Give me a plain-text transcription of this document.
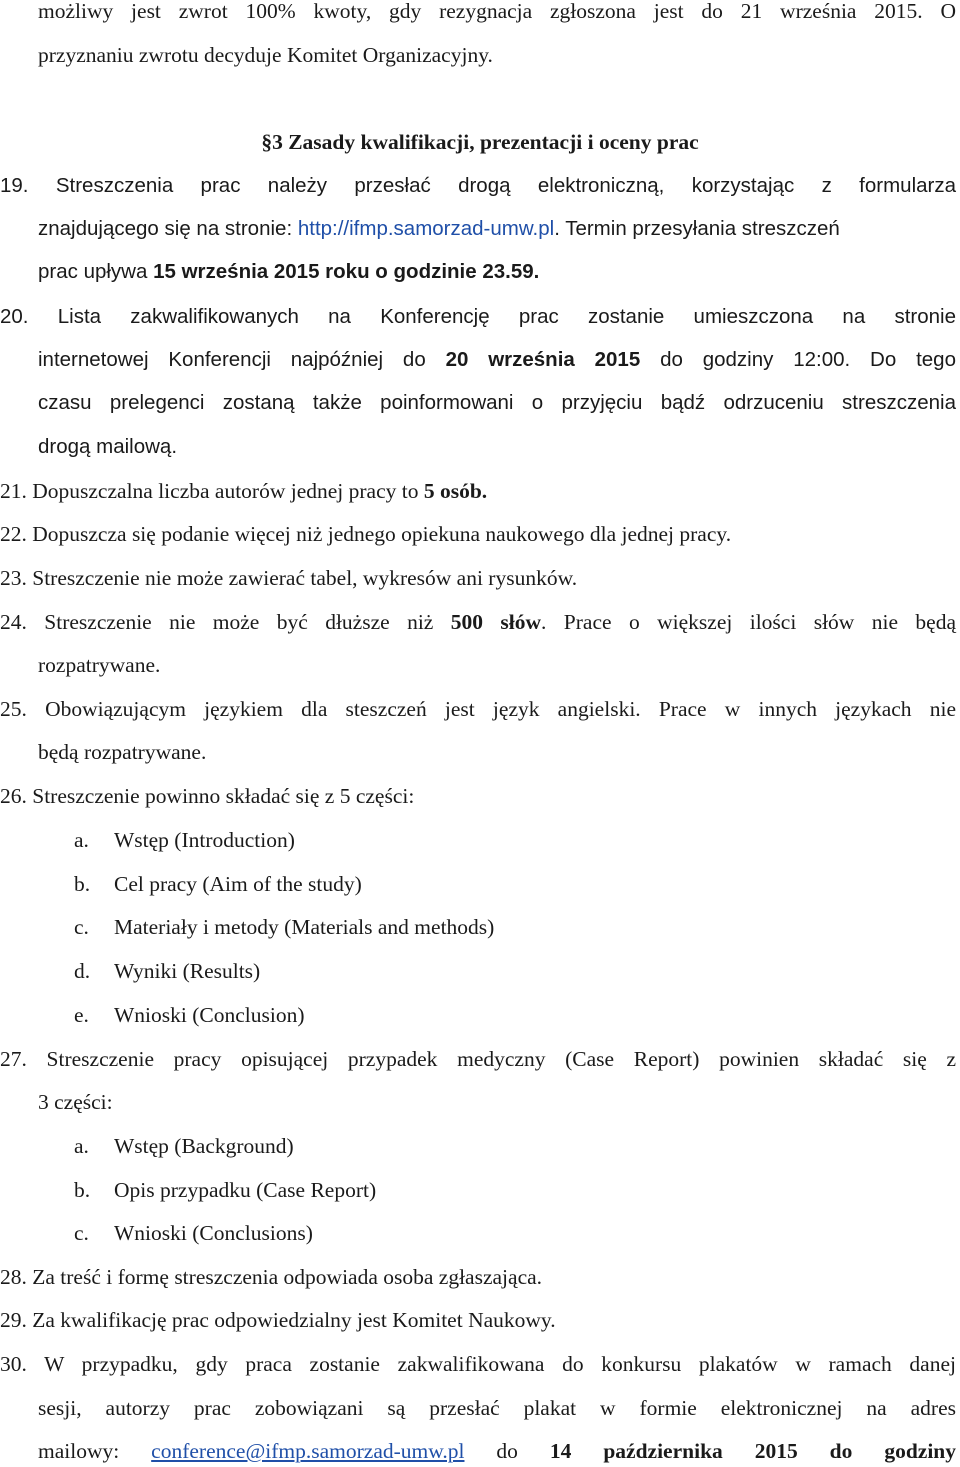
możliwy jest zwrot 100% kwoty, gdy rezygnacja zgłoszona jest do 21 września 2015. O
przyznaniu zwrotu decyduje Komitet Organizacyjny.
§3 Zasady kwalifikacji, prezentacji i oceny prac
19. Streszczenia prac należy przesłać drogą elektroniczną, korzystając z formularza
znajdującego się na stronie: http://ifmp.samorzad-umw.pl. Termin przesyłania streszczeń
prac upływa 15 września 2015 roku o godzinie 23.59.
20. Lista zakwalifikowanych na Konferencję prac zostanie umieszczona na stronie
internetowej Konferencji najpóźniej do 20 września 2015 do godziny 12:00. Do tego
czasu prelegenci zostaną także poinformowani o przyjęciu bądź odrzuceniu streszczenia
drogą mailową.
21. Dopuszczalna liczba autorów jednej pracy to 5 osób.
22. Dopuszcza się podanie więcej niż jednego opiekuna naukowego dla jednej pracy.
23. Streszczenie nie może zawierać tabel, wykresów ani rysunków.
24. Streszczenie nie może być dłuższe niż 500 słów. Prace o większej ilości słów nie będą
rozpatrywane.
25. Obowiązującym językiem dla steszczeń jest język angielski. Prace w innych językach nie
będą rozpatrywane.
26. Streszczenie powinno składać się z 5 części:
a. Wstęp (Introduction)
b. Cel pracy (Aim of the study)
c. Materiały i metody (Materials and methods)
d. Wyniki (Results)
e. Wnioski (Conclusion)
27. Streszczenie pracy opisującej przypadek medyczny (Case Report) powinien składać się z
3 części:
a. Wstęp (Background)
b. Opis przypadku (Case Report)
c. Wnioski (Conclusions)
28. Za treść i formę streszczenia odpowiada osoba zgłaszająca.
29. Za kwalifikację prac odpowiedzialny jest Komitet Naukowy.
30. W przypadku, gdy praca zostanie zakwalifikowana do konkursu plakatów w ramach danej
sesji, autorzy prac zobowiązani są przesłać plakat w formie elektronicznej na adres
mailowy: conference@ifmp.samorzad-umw.pl do 14 października 2015 do godziny
